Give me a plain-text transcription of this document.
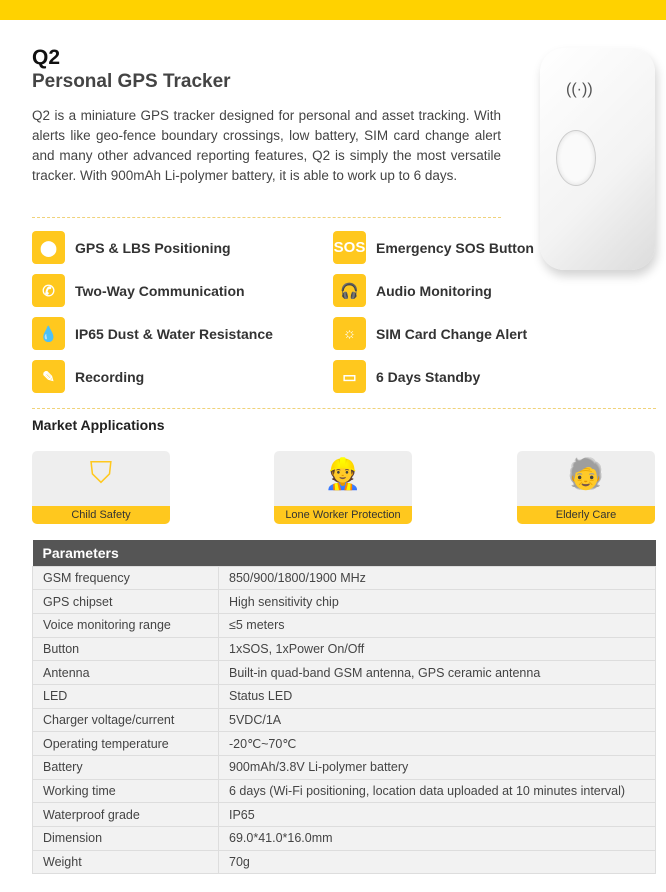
Q2
Personal GPS Tracker
Q2 is a miniature GPS tracker designed for personal and asset tracking. With alerts like geo-fence boundary crossings, low battery, SIM card change alert and many other advanced reporting features, Q2 is simply the most versatile tracker. With 900mAh Li-polymer battery, it is able to work up to 6 days.
((·))
⬤	GPS & LBS Positioning	SOS Emergency SOS Button
✆	Two-Way Communication	🎧	Audio Monitoring
💧	IP65 Dust & Water Resistance	☼	SIM Card Change Alert
✎	Recording	▭	6 Days Standby
Market Applications
⛉
Child Safety
👷
Lone Worker Protection
🧓
Elderly Care
Parameters	
GSM frequency	850/900/1800/1900 MHz
GPS chipset	High sensitivity chip
Voice monitoring range	≤5 meters
Button	1xSOS, 1xPower On/Off
Antenna	Built-in quad-band GSM antenna, GPS ceramic antenna
LED	Status LED
Charger voltage/current	5VDC/1A
Operating temperature	-20℃~70℃
Battery	900mAh/3.8V Li-polymer battery
Working time	6 days (Wi-Fi positioning, location data uploaded at 10 minutes interval)
Waterproof grade	IP65
Dimension	69.0*41.0*16.0mm
Weight	70g
